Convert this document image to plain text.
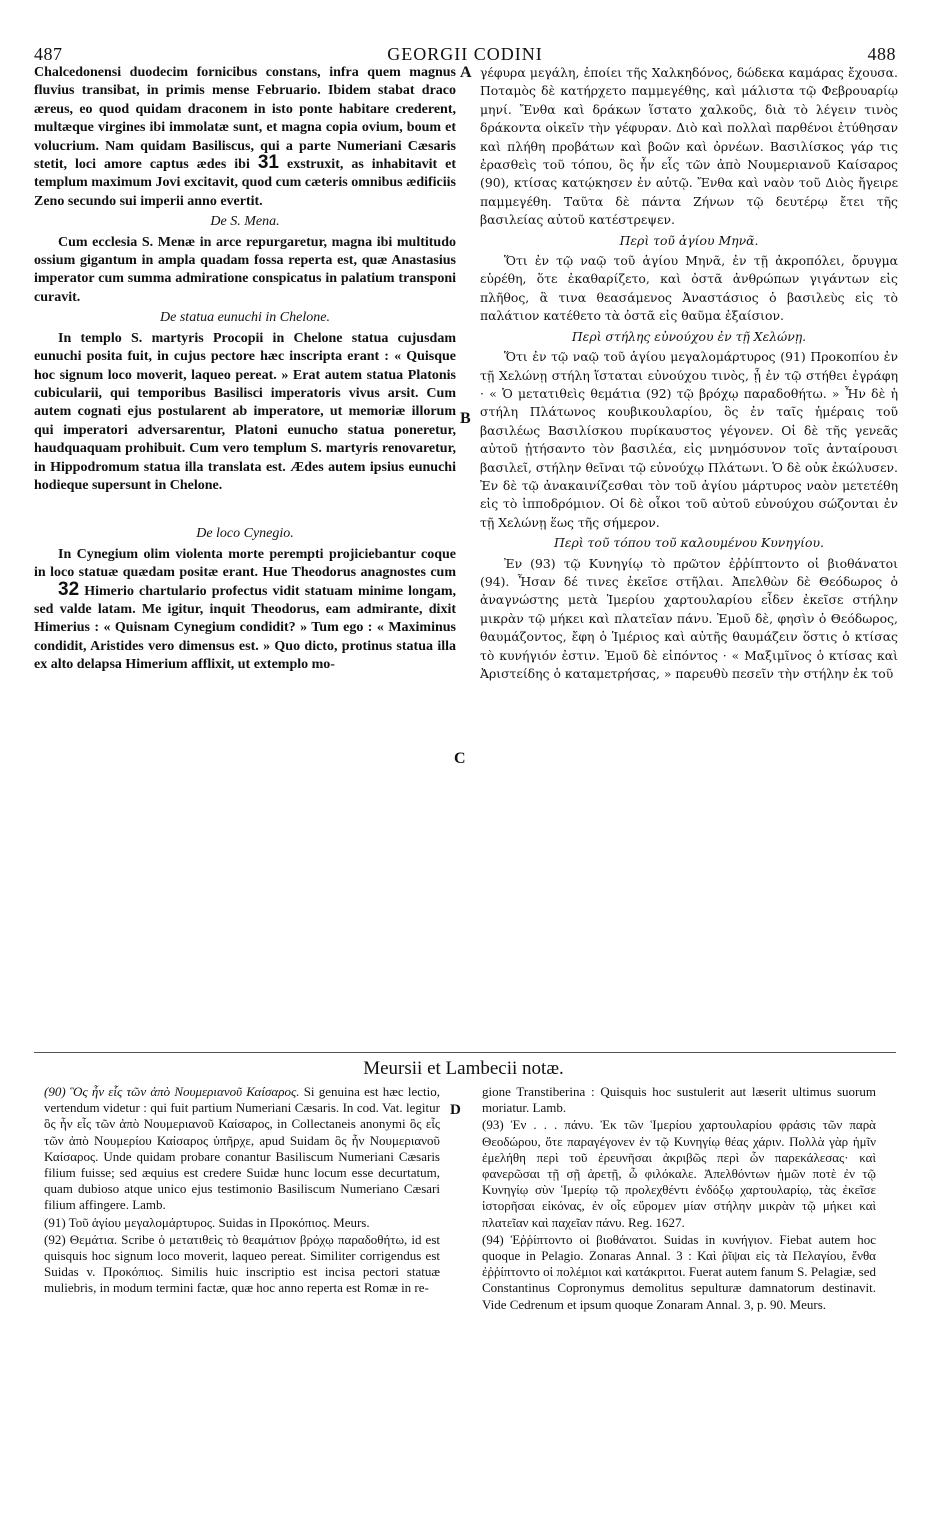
487	GEORGII CODINI	488
A
B
C

Chalcedonensi duodecim fornicibus constans, infra quem magnus fluvius transibat, in primis mense Februario. Ibidem stabat draco æreus, eo quod quidam draconem in isto ponte habitare crederent, multæque virgines ibi immolatæ sunt, et magna copia ovium, boum et volucrium. Nam quidam Basiliscus, qui a parte Numeriani Cæsaris stetit, loci amore captus ædes ibi 31 exstruxit, as inhabitavit et templum maximum Jovi excitavit, quod cum cæteris omnibus ædificiis Zeno secundo sui imperii anno evertit.

De S. Mena.

Cum ecclesia S. Menæ in arce repurgaretur, magna ibi multitudo ossium gigantum in ampla quadam fossa reperta est, quæ Anastasius imperator cum summa admiratione conspicatus in palatium transponi curavit.

De statua eunuchi in Chelone.

In templo S. martyris Procopii in Chelone statua cujusdam eunuchi posita fuit, in cujus pectore hæc inscripta erant : « Quisque hoc signum loco moverit, laqueo pereat. » Erat autem statua Platonis cubicularii, qui temporibus Basilisci imperatoris vivus arsit. Cum autem cognati ejus postularent ab imperatore, ut memoriæ illorum qui imperatori adversarentur, Platoni eunucho statua poneretur, haudquaquam prohibuit. Cum vero templum S. martyris renovaretur, in Hippodromum statua illa translata est. Ædes autem ipsius eunuchi hodieque supersunt in Chelone.

De loco Cynegio.

In Cynegium olim violenta morte perempti projiciebantur coque in loco statuæ quædam positæ erant. Hue Theodorus anagnostes cum 32 Himerio chartulario profectus vidit statuam minime longam, sed valde latam. Me igitur, inquit Theodorus, eam admirante, dixit Himerius : « Quisnam Cynegium condidit? » Tum ego : « Maximinus condidit, Aristides vero dimensus est. » Quo dicto, protinus statua illa ex alto delapsa Himerium afflixit, ut extemplo mo-

γέφυρα μεγάλη, ἐποίει τῆς Χαλκηδόνος, δώδεκα καμάρας ἔχουσα. Ποταμὸς δὲ κατήρχετο παμμεγέθης, καὶ μάλιστα τῷ Φεβρουαρίῳ μηνί. Ἔνθα καὶ δράκων ἵστατο χαλκοῦς, διὰ τὸ λέγειν τινὸς δράκοντα οἰκεῖν τὴν γέφυραν. Διὸ καὶ πολλαὶ παρθένοι ἐτύθησαν καὶ πλήθη προβάτων καὶ βοῶν καὶ ὀρνέων. Βασιλίσκος γάρ τις ἐρασθεὶς τοῦ τόπου, ὃς ἦν εἷς τῶν ἀπὸ Νουμεριανοῦ Καίσαρος (90), κτίσας κατῴκησεν ἐν αὐτῷ. Ἔνθα καὶ ναὸν τοῦ Διὸς ἤγειρε παμμεγέθη. Ταῦτα δὲ πάντα Ζήνων τῷ δευτέρῳ ἔτει τῆς βασιλείας αὐτοῦ κατέστρεψεν.

Περὶ τοῦ ἁγίου Μηνᾶ.

Ὅτι ἐν τῷ ναῷ τοῦ ἁγίου Μηνᾶ, ἐν τῇ ἀκροπόλει, ὄρυγμα εὑρέθη, ὅτε ἐκαθαρίζετο, καὶ ὀστᾶ ἀνθρώπων γιγάντων εἰς πλῆθος, ἃ τινα θεασάμενος Ἀναστάσιος ὁ βασιλεὺς εἰς τὸ παλάτιον κατέθετο τὰ ὀστᾶ εἰς θαῦμα ἐξαίσιον.

Περὶ στήλης εὐνούχου ἐν τῇ Χελώνῃ.

Ὅτι ἐν τῷ ναῷ τοῦ ἁγίου μεγαλομάρτυρος (91) Προκοπίου ἐν τῇ Χελώνῃ στήλη ἵσταται εὐνούχου τινὸς, ᾗ ἐν τῷ στήθει ἐγράφη · « Ὁ μετατιθεὶς θεμάτια (92) τῷ βρόχῳ παραδοθήτω. » Ἦν δὲ ἡ στήλη Πλάτωνος κουβικουλαρίου, ὃς ἐν ταῖς ἡμέραις τοῦ βασιλέως Βασιλίσκου πυρίκαυστος γέγονεν. Οἱ δὲ τῆς γενεᾶς αὐτοῦ ᾐτήσαντο τὸν βασιλέα, εἰς μνημόσυνον τοῖς ἀνταίρουσι βασιλεῖ, στήλην θεῖναι τῷ εὐνούχῳ Πλάτωνι. Ὁ δὲ οὐκ ἐκώλυσεν. Ἐν δὲ τῷ ἀνακαινίζεσθαι τὸν τοῦ ἁγίου μάρτυρος ναὸν μετετέθη εἰς τὸ ἱπποδρόμιον. Οἱ δὲ οἶκοι τοῦ αὐτοῦ εὐνούχου σώζονται ἐν τῇ Χελώνῃ ἕως τῆς σήμερον.

Περὶ τοῦ τόπου τοῦ καλουμένου Κυνηγίου.

Ἐν (93) τῷ Κυνηγίῳ τὸ πρῶτον ἐῤῥίπτοντο οἱ βιοθάνατοι (94). Ἦσαν δέ τινες ἐκεῖσε στῆλαι. Ἀπελθὼν δὲ Θεόδωρος ὁ ἀναγνώστης μετὰ Ἱμερίου χαρτουλαρίου εἶδεν ἐκεῖσε στήλην μικρὰν τῷ μήκει καὶ πλατεῖαν πάνυ. Ἐμοῦ δὲ, φησὶν ὁ Θεόδωρος, θαυμάζοντος, ἔφη ὁ Ἱμέριος καὶ αὐτῆς θαυμάζειν ὅστις ὁ κτίσας τὸ κυνήγιόν ἐστιν. Ἐμοῦ δὲ εἰπόντος · « Μαξιμῖνος ὁ κτίσας καὶ Ἀριστείδης ὁ καταμετρήσας, » παρευθὺ πεσεῖν τὴν στήλην ἐκ τοῦ

Meursii et Lambecii notæ.
D

(90) Ὃς ἦν εἷς τῶν ἀπὸ Νουμεριανοῦ Καίσαρος. Si genuina est hæc lectio, vertendum videtur : qui fuit partium Numeriani Cæsaris. In cod. Vat. legitur ὃς ἦν εἷς τῶν ἀπὸ Νουμεριανοῦ Καίσαρος, in Collectaneis anonymi ὃς εἷς τῶν ἀπὸ Νουμερίου Καίσαρος ὑπῆρχε, apud Suidam ὃς ἦν Νουμεριανοῦ Καίσαρος. Unde quidam probare conantur Basiliscum Numeriani Cæsaris filium fuisse; sed æquius est credere Suidæ hunc locum esse decurtatum, quam dubioso atque unico ejus testimonio Basiliscum Numeriano Cæsari filium affingere. Lamb.

(91) Τοῦ ἁγίου μεγαλομάρτυρος. Suidas in Προκόπιος. Meurs.

(92) Θεμάτια. Scribe ὁ μετατιθεὶς τὸ θεαμάτιον βρόχῳ παραδοθήτω, id est quisquis hoc signum loco moverit, laqueo pereat. Similiter corrigendus est Suidas v. Προκόπιος. Similis huic inscriptio est incisa pectori statuæ muliebris, in modum termini factæ, quæ hoc anno reperta est Romæ in re-

gione Transtiberina : Quisquis hoc sustulerit aut læserit ultimus suorum moriatur. Lamb.

(93) Ἐν . . . πάνυ. Ἐκ τῶν Ἱμερίου χαρτουλαρίου φράσις τῶν παρὰ Θεοδώρου, ὅτε παραγέγονεν ἐν τῷ Κυνηγίῳ θέας χάριν. Πολλὰ γὰρ ἡμῖν ἐμελήθη περὶ τοῦ ἐρευνῆσαι ἀκριβῶς περὶ ὧν παρεκάλεσας· καὶ φανερῶσαι τῇ σῇ ἀρετῇ, ὦ φιλόκαλε. Ἀπελθόντων ἡμῶν ποτὲ ἐν τῷ Κυνηγίῳ σὺν Ἱμερίῳ τῷ προλεχθέντι ἐνδόξῳ χαρτουλαρίῳ, τὰς ἐκεῖσε ἱστορῆσαι εἰκόνας, ἐν οἷς εὕρομεν μίαν στήλην μικρὰν τῷ μήκει καὶ πλατεῖαν καὶ παχεῖαν πάνυ. Reg. 1627.

(94) Ἐῤῥίπτοντο οἱ βιοθάνατοι. Suidas in κυνήγιον. Fiebat autem hoc quoque in Pelagio. Zonaras Annal. 3 : Καὶ ῥῖψαι εἰς τὰ Πελαγίου, ἔνθα ἐῤῥίπτοντο οἱ πολέμιοι καὶ κατάκριτοι. Fuerat autem fanum S. Pelagiæ, sed Constantinus Copronymus demolitus sepulturæ damnatorum destinavit. Vide Cedrenum et ipsum quoque Zonaram Annal. 3, p. 90. Meurs.
